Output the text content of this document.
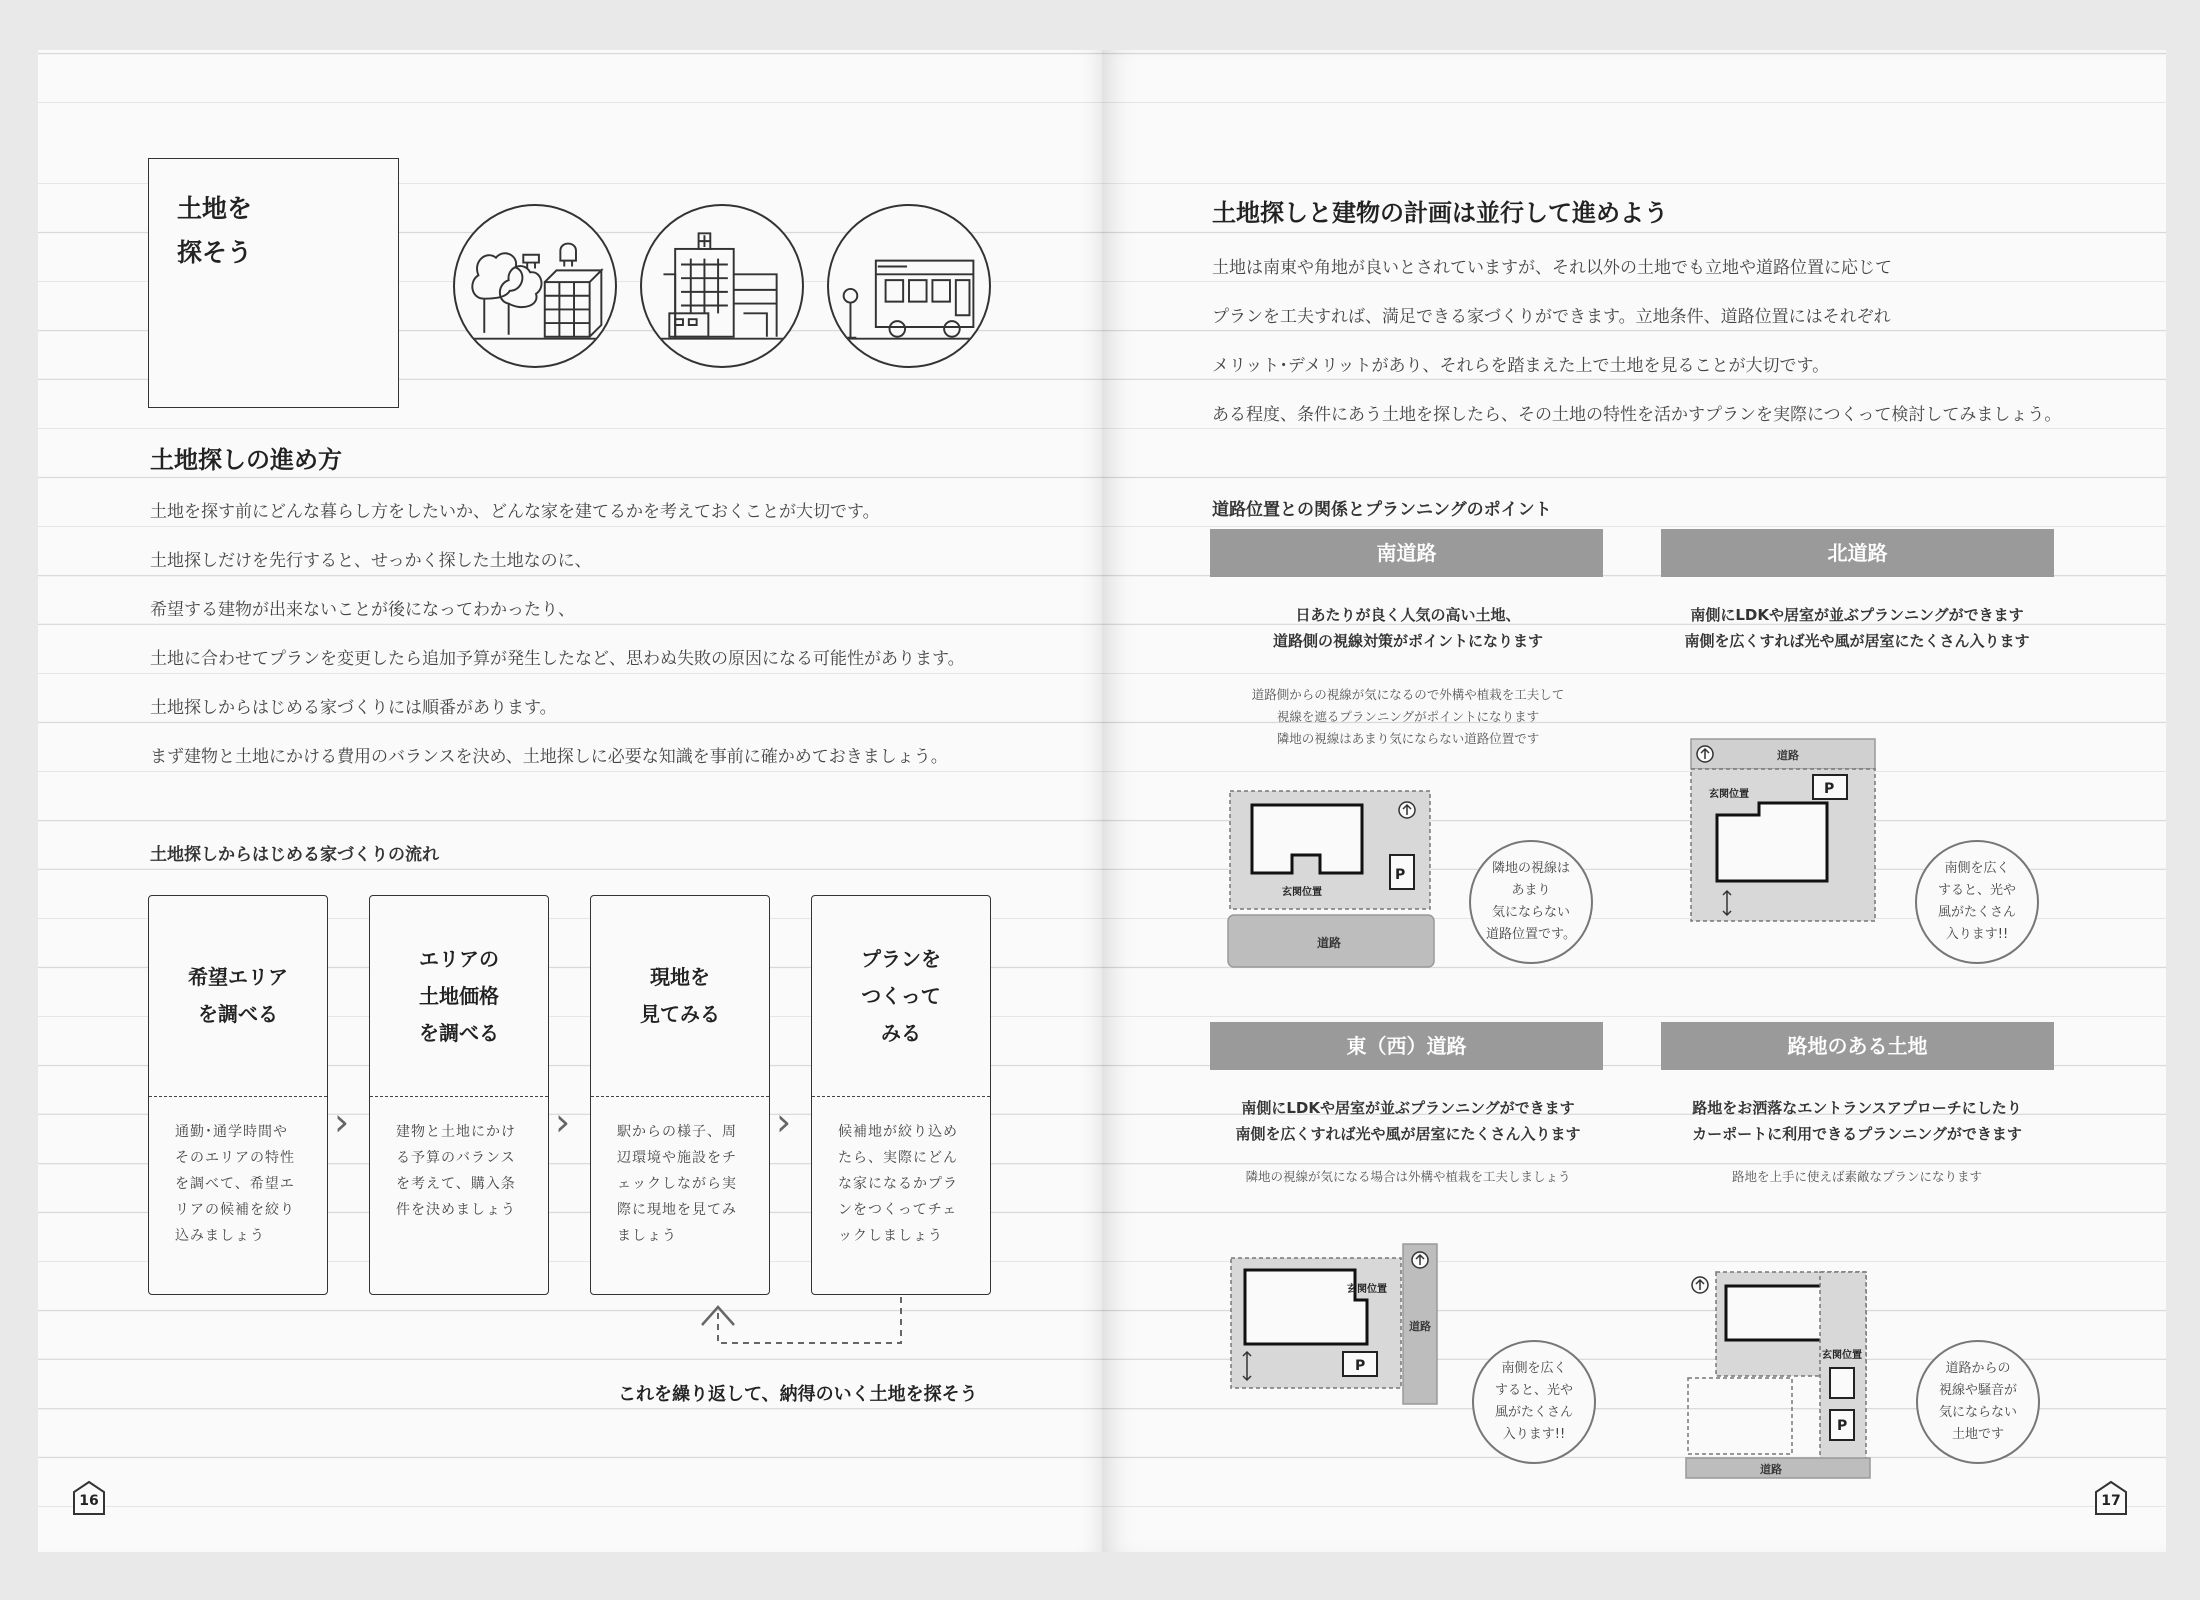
土地を
探そう
土地探しの進め方
土地を探す前にどんな暮らし方をしたいか、どんな家を建てるかを考えておくことが大切です。
土地探しだけを先行すると、せっかく探した土地なのに、
希望する建物が出来ないことが後になってわかったり、
土地に合わせてプランを変更したら追加予算が発生したなど、思わぬ失敗の原因になる可能性があります。
土地探しからはじめる家づくりには順番があります。
まず建物と土地にかける費用のバランスを決め、土地探しに必要な知識を事前に確かめておきましょう。
土地探しからはじめる家づくりの流れ
希望エリア
を調べる
通勤･通学時間やそのエリアの特性を調べて、希望エリアの候補を絞り込みましょう
›
エリアの
土地価格
を調べる
建物と土地にかける予算のバランスを考えて、購入条件を決めましょう
›
現地を
見てみる
駅からの様子、周辺環境や施設をチェックしながら実際に現地を見てみましょう
›
プランを
つくって
みる
候補地が絞り込めたら、実際にどんな家になるかプランをつくってチェックしましょう
これを繰り返して、納得のいく土地を探そう
16
土地探しと建物の計画は並行して進めよう
土地は南東や角地が良いとされていますが、それ以外の土地でも立地や道路位置に応じて
プランを工夫すれば、満足できる家づくりができます。立地条件、道路位置にはそれぞれ
メリット･デメリットがあり、それらを踏まえた上で土地を見ることが大切です。
ある程度、条件にあう土地を探したら、その土地の特性を活かすプランを実際につくって検討してみましょう。
道路位置との関係とプランニングのポイント
南道路
日あたりが良く人気の高い土地、
道路側の視線対策がポイントになります
道路側からの視線が気になるので外構や植栽を工夫して
視線を遮るプランニングがポイントになります
隣地の視線はあまり気にならない道路位置です
P
玄関位置
道路
隣地の視線は
あまり
気にならない
道路位置です。
北道路
南側にLDKや居室が並ぶプランニングができます
南側を広くすれば光や風が居室にたくさん入ります
道路
P
玄関位置
南側を広く
すると、光や
風がたくさん
入ります!!
東（西）道路
南側にLDKや居室が並ぶプランニングができます
南側を広くすれば光や風が居室にたくさん入ります
隣地の視線が気になる場合は外構や植栽を工夫しましょう
玄関位置
P
道路
南側を広く
すると、光や
風がたくさん
入ります!!
路地のある土地
路地をお洒落なエントランスアプローチにしたり
カーポートに利用できるプランニングができます
路地を上手に使えば素敵なプランになります
玄関位置
P
道路
道路からの
視線や騒音が
気にならない
土地です
17
